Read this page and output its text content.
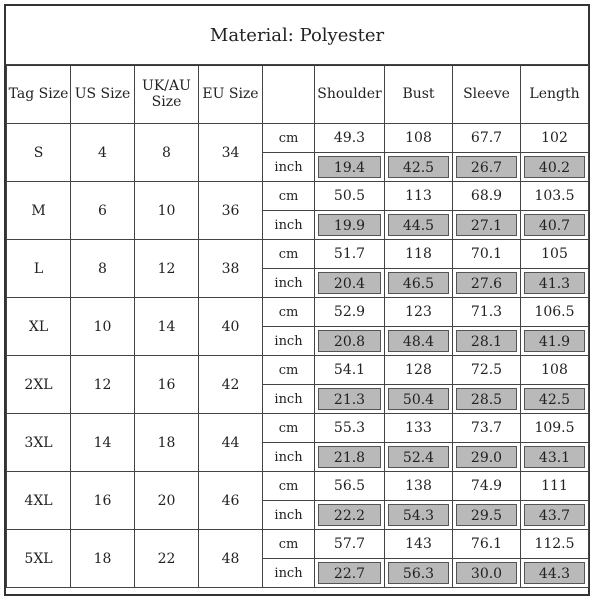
Material: Polyester
Tag Size	US Size	UK/AU Size	EU Size		Shoulder	Bust	Sleeve	Length
S	4	8	34	cm	49.3	108	67.7	102
				inch	19.4	42.5	26.7	40.2
M	6	10	36	cm	50.5	113	68.9	103.5
				inch	19.9	44.5	27.1	40.7
L	8	12	38	cm	51.7	118	70.1	105
				inch	20.4	46.5	27.6	41.3
XL	10	14	40	cm	52.9	123	71.3	106.5
				inch	20.8	48.4	28.1	41.9
2XL	12	16	42	cm	54.1	128	72.5	108
				inch	21.3	50.4	28.5	42.5
3XL	14	18	44	cm	55.3	133	73.7	109.5
				inch	21.8	52.4	29.0	43.1
4XL	16	20	46	cm	56.5	138	74.9	111
				inch	22.2	54.3	29.5	43.7
5XL	18	22	48	cm	57.7	143	76.1	112.5
				inch	22.7	56.3	30.0	44.3
